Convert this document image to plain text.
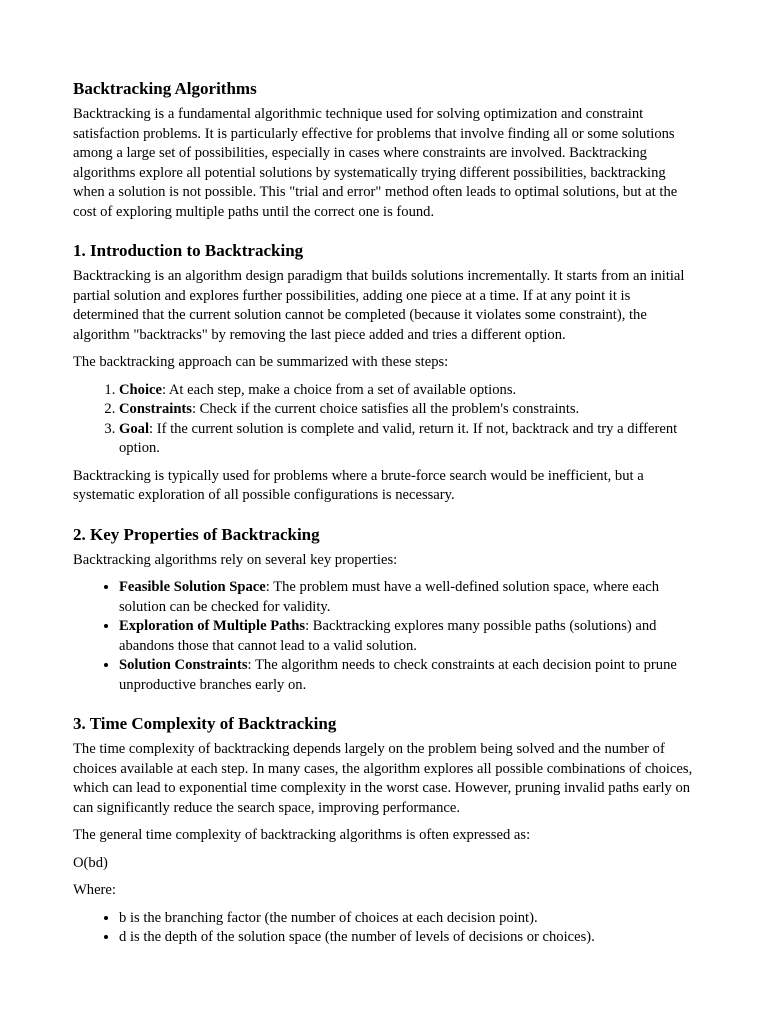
Backtracking Algorithms

Backtracking is a fundamental algorithmic technique used for solving optimization and constraint satisfaction problems. It is particularly effective for problems that involve finding all or some solutions among a large set of possibilities, especially in cases where constraints are involved. Backtracking algorithms explore all potential solutions by systematically trying different possibilities, backtracking when a solution is not possible. This "trial and error" method often leads to optimal solutions, but at the cost of exploring multiple paths until the correct one is found.

1. Introduction to Backtracking

Backtracking is an algorithm design paradigm that builds solutions incrementally. It starts from an initial partial solution and explores further possibilities, adding one piece at a time. If at any point it is determined that the current solution cannot be completed (because it violates some constraint), the algorithm "backtracks" by removing the last piece added and tries a different option.

The backtracking approach can be summarized with these steps:

1. Choice: At each step, make a choice from a set of available options.
2. Constraints: Check if the current choice satisfies all the problem's constraints.
3. Goal: If the current solution is complete and valid, return it. If not, backtrack and try a different option.

Backtracking is typically used for problems where a brute-force search would be inefficient, but a systematic exploration of all possible configurations is necessary.

2. Key Properties of Backtracking

Backtracking algorithms rely on several key properties:

• Feasible Solution Space: The problem must have a well-defined solution space, where each solution can be checked for validity.
• Exploration of Multiple Paths: Backtracking explores many possible paths (solutions) and abandons those that cannot lead to a valid solution.
• Solution Constraints: The algorithm needs to check constraints at each decision point to prune unproductive branches early on.
3. Time Complexity of Backtracking

The time complexity of backtracking depends largely on the problem being solved and the number of choices available at each step. In many cases, the algorithm explores all possible combinations of choices, which can lead to exponential time complexity in the worst case. However, pruning invalid paths early on can significantly reduce the search space, improving performance.

The general time complexity of backtracking algorithms is often expressed as:

O(bd)

Where:

• b is the branching factor (the number of choices at each decision point).
• d is the depth of the solution space (the number of levels of decisions or choices).
